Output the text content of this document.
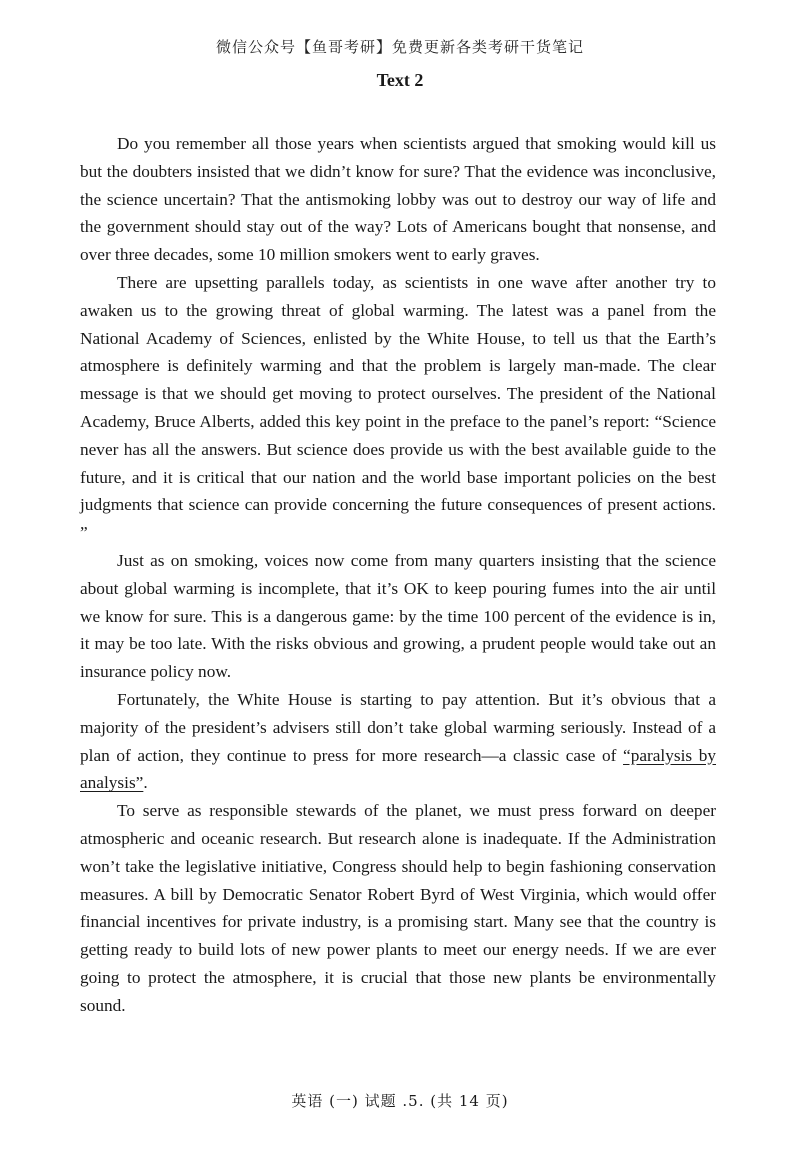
微信公众号【鱼哥考研】免费更新各类考研干货笔记
Text 2

Do you remember all those years when scientists argued that smoking would kill us but the doubters insisted that we didn’t know for sure? That the evidence was inconclusive, the science uncertain? That the antismoking lobby was out to destroy our way of life and the government should stay out of the way? Lots of Americans bought that nonsense, and over three decades, some 10 million smokers went to early graves.

There are upsetting parallels today, as scientists in one wave after another try to awaken us to the growing threat of global warming. The latest was a panel from the National Academy of Sciences, enlisted by the White House, to tell us that the Earth’s atmosphere is definitely warming and that the problem is largely man-made. The clear message is that we should get moving to protect ourselves. The president of the National Academy, Bruce Alberts, added this key point in the preface to the panel’s report: “Science never has all the answers. But science does provide us with the best available guide to the future, and it is critical that our nation and the world base important policies on the best judgments that science can provide concerning the future consequences of present actions. ”

Just as on smoking, voices now come from many quarters insisting that the science about global warming is incomplete, that it’s OK to keep pouring fumes into the air until we know for sure. This is a dangerous game: by the time 100 percent of the evidence is in, it may be too late. With the risks obvious and growing, a prudent people would take out an insurance policy now.

Fortunately, the White House is starting to pay attention. But it’s obvious that a majority of the president’s advisers still don’t take global warming seriously. Instead of a plan of action, they continue to press for more research—a classic case of “paralysis by analysis”.

To serve as responsible stewards of the planet, we must press forward on deeper atmospheric and oceanic research. But research alone is inadequate. If the Administration won’t take the legislative initiative, Congress should help to begin fashioning conservation measures. A bill by Democratic Senator Robert Byrd of West Virginia, which would offer financial incentives for private industry, is a promising start. Many see that the country is getting ready to build lots of new power plants to meet our energy needs. If we are ever going to protect the atmosphere, it is crucial that those new plants be environmentally sound.

英语 (一) 试题 .5. (共 14 页)
